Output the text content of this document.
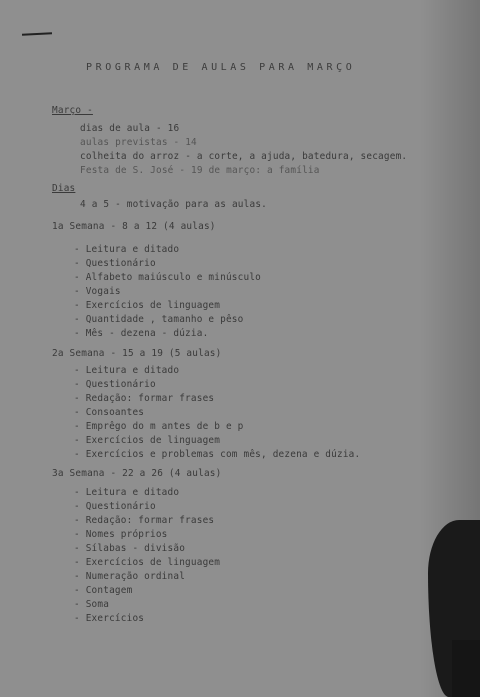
PROGRAMA DE AULAS PARA MARÇO
Março -
dias de aula - 16
aulas previstas - 14
colheita do arroz - a corte, a ajuda, batedura, secagem.
Festa de S. José - 19 de março: a família
Dias
4 a 5 - motivação para as aulas.
1a Semana - 8 a 12 (4 aulas)
- Leitura e ditado
- Questionário
- Alfabeto maiúsculo e minúsculo
- Vogais
- Exercícios de linguagem
- Quantidade , tamanho e pêso
- Mês - dezena - dúzia.
2a Semana - 15 a 19 (5 aulas)
- Leitura e ditado
- Questionário
- Redação: formar frases
- Consoantes
- Emprêgo do m antes de b e p
- Exercícios de linguagem
- Exercícios e problemas com mês, dezena e dúzia.
3a Semana - 22 a 26 (4 aulas)
- Leitura e ditado
- Questionário
- Redação: formar frases
- Nomes próprios
- Sílabas - divisão
- Exercícios de linguagem
- Numeração ordinal
- Contagem
- Soma
- Exercícios
